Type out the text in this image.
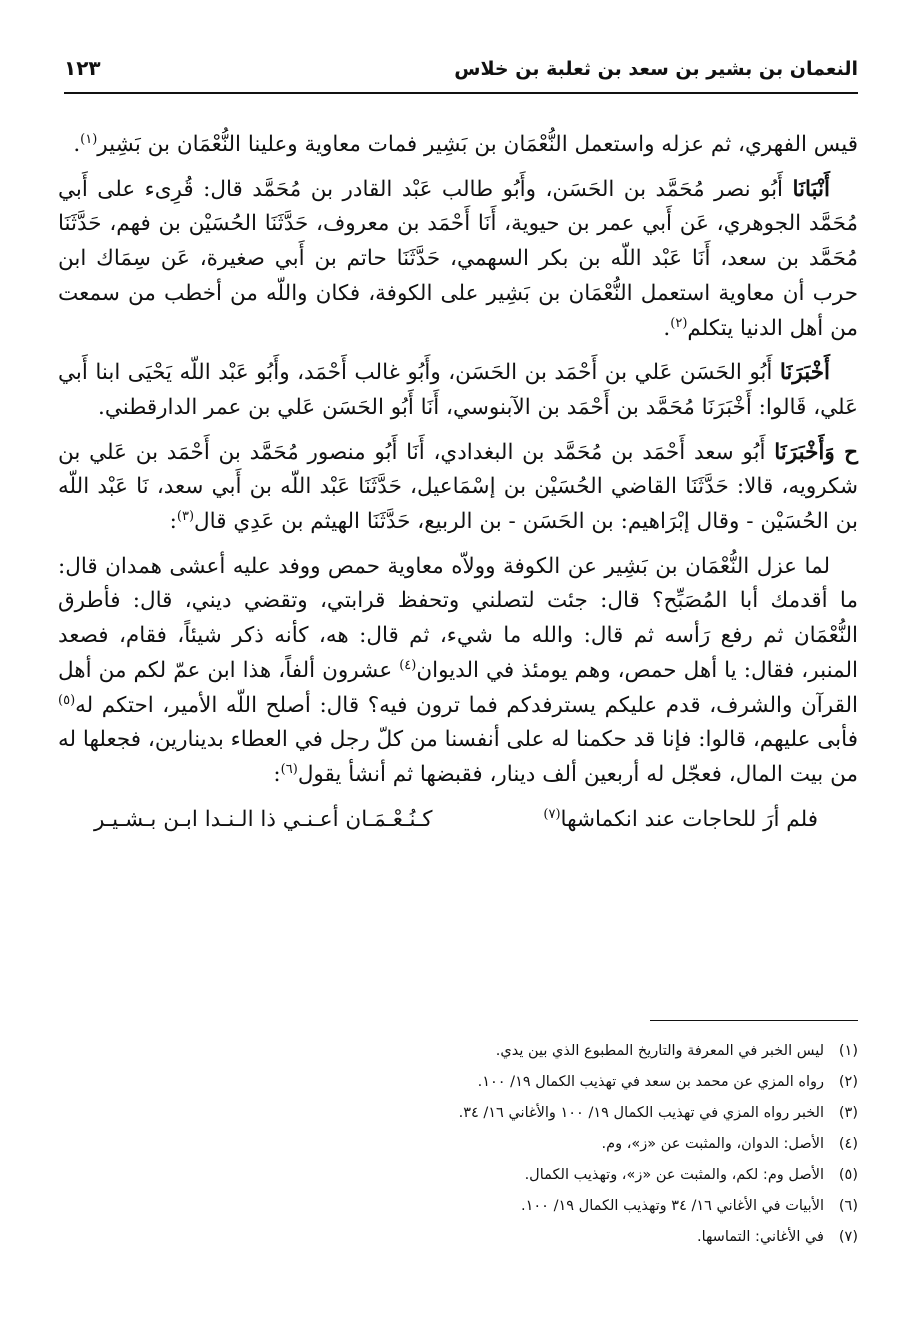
النعمان بن بشير بن سعد بن ثعلبة بن خلاس
١٢٣

قيس الفهري، ثم عزله واستعمل النُّعْمَان بن بَشِير فمات معاوية وعلينا النُّعْمَان بن بَشِير$^{(١)}$.

أَنْبَانَا أَبُو نصر مُحَمَّد بن الحَسَن، وأَبُو طالب عَبْد القادر بن مُحَمَّد قال: قُرِىء على أَبي مُحَمَّد الجوهري، عَن أَبي عمر بن حيوية، أَنَا أَحْمَد بن معروف، حَدَّثَنَا الحُسَيْن بن فهم، حَدَّثَنَا مُحَمَّد بن سعد، أَنَا عَبْد اللّه بن بكر السهمي، حَدَّثَنَا حاتم بن أَبي صغيرة، عَن سِمَاك ابن حرب أن معاوية استعمل النُّعْمَان بن بَشِير على الكوفة، فكان واللّه من أخطب من سمعت من أهل الدنيا يتكلم$^{(٢)}$.

أَخْبَرَنَا أَبُو الحَسَن عَلي بن أَحْمَد بن الحَسَن، وأَبُو غالب أَحْمَد، وأَبُو عَبْد اللّه يَحْيَى ابنا أَبي عَلي، قَالوا: أَخْبَرَنَا مُحَمَّد بن أَحْمَد بن الآبنوسي، أَنَا أَبُو الحَسَن عَلي بن عمر الدارقطني.

ح وَأَخْبَرَنَا أَبُو سعد أَحْمَد بن مُحَمَّد بن البغدادي، أَنَا أَبُو منصور مُحَمَّد بن أَحْمَد بن عَلي بن شكرويه، قالا: حَدَّثَنَا القاضي الحُسَيْن بن إسْمَاعيل، حَدَّثَنَا عَبْد اللّه بن أَبي سعد، نَا عَبْد اللّه بن الحُسَيْن - وقال إبْرَاهيم: بن الحَسَن - بن الربيع، حَدَّثَنَا الهيثم بن عَدِي قال$^{(٣)}$:

لما عزل النُّعْمَان بن بَشِير عن الكوفة وولاّه معاوية حمص ووفد عليه أعشى همدان قال: ما أقدمك أبا المُصَبِّح؟ قال: جئت لتصلني وتحفظ قرابتي، وتقضي ديني، قال: فأطرق النُّعْمَان ثم رفع رَأسه ثم قال: والله ما شيء، ثم قال: هه، كأنه ذكر شيئاً، فقام، فصعد المنبر، فقال: يا أهل حمص، وهم يومئذ في الديوان$^{(٤)}$ عشرون ألفاً، هذا ابن عمّ لكم من أهل القرآن والشرف، قدم عليكم يسترفدكم فما ترون فيه؟ قال: أصلح اللّه الأمير، احتكم له$^{(٥)}$ فأبى عليهم، قالوا: فإنا قد حكمنا له على أنفسنا من كلّ رجل في العطاء بدينارين، فجعلها له من بيت المال، فعجّل له أربعين ألف دينار، فقبضها ثم أنشأ يقول$^{(٦)}$:

فلم أرَ للحاجات عند انكماشها$^{(٧)}$
كـنُـعْـمَـان أعـنـي ذا الـنـدا ابـن بـشـيـر
(١)ليس الخبر في المعرفة والتاريخ المطبوع الذي بين يدي.
(٢)رواه المزي عن محمد بن سعد في تهذيب الكمال ١٩/ ١٠٠.
(٣)الخبر رواه المزي في تهذيب الكمال ١٩/ ١٠٠ والأغاني ١٦/ ٣٤.
(٤)الأصل: الدوان، والمثبت عن «ز»، وم.
(٥)الأصل وم: لكم، والمثبت عن «ز»، وتهذيب الكمال.
(٦)الأبيات في الأغاني ١٦/ ٣٤ وتهذيب الكمال ١٩/ ١٠٠.
(٧)في الأغاني: التماسها.
